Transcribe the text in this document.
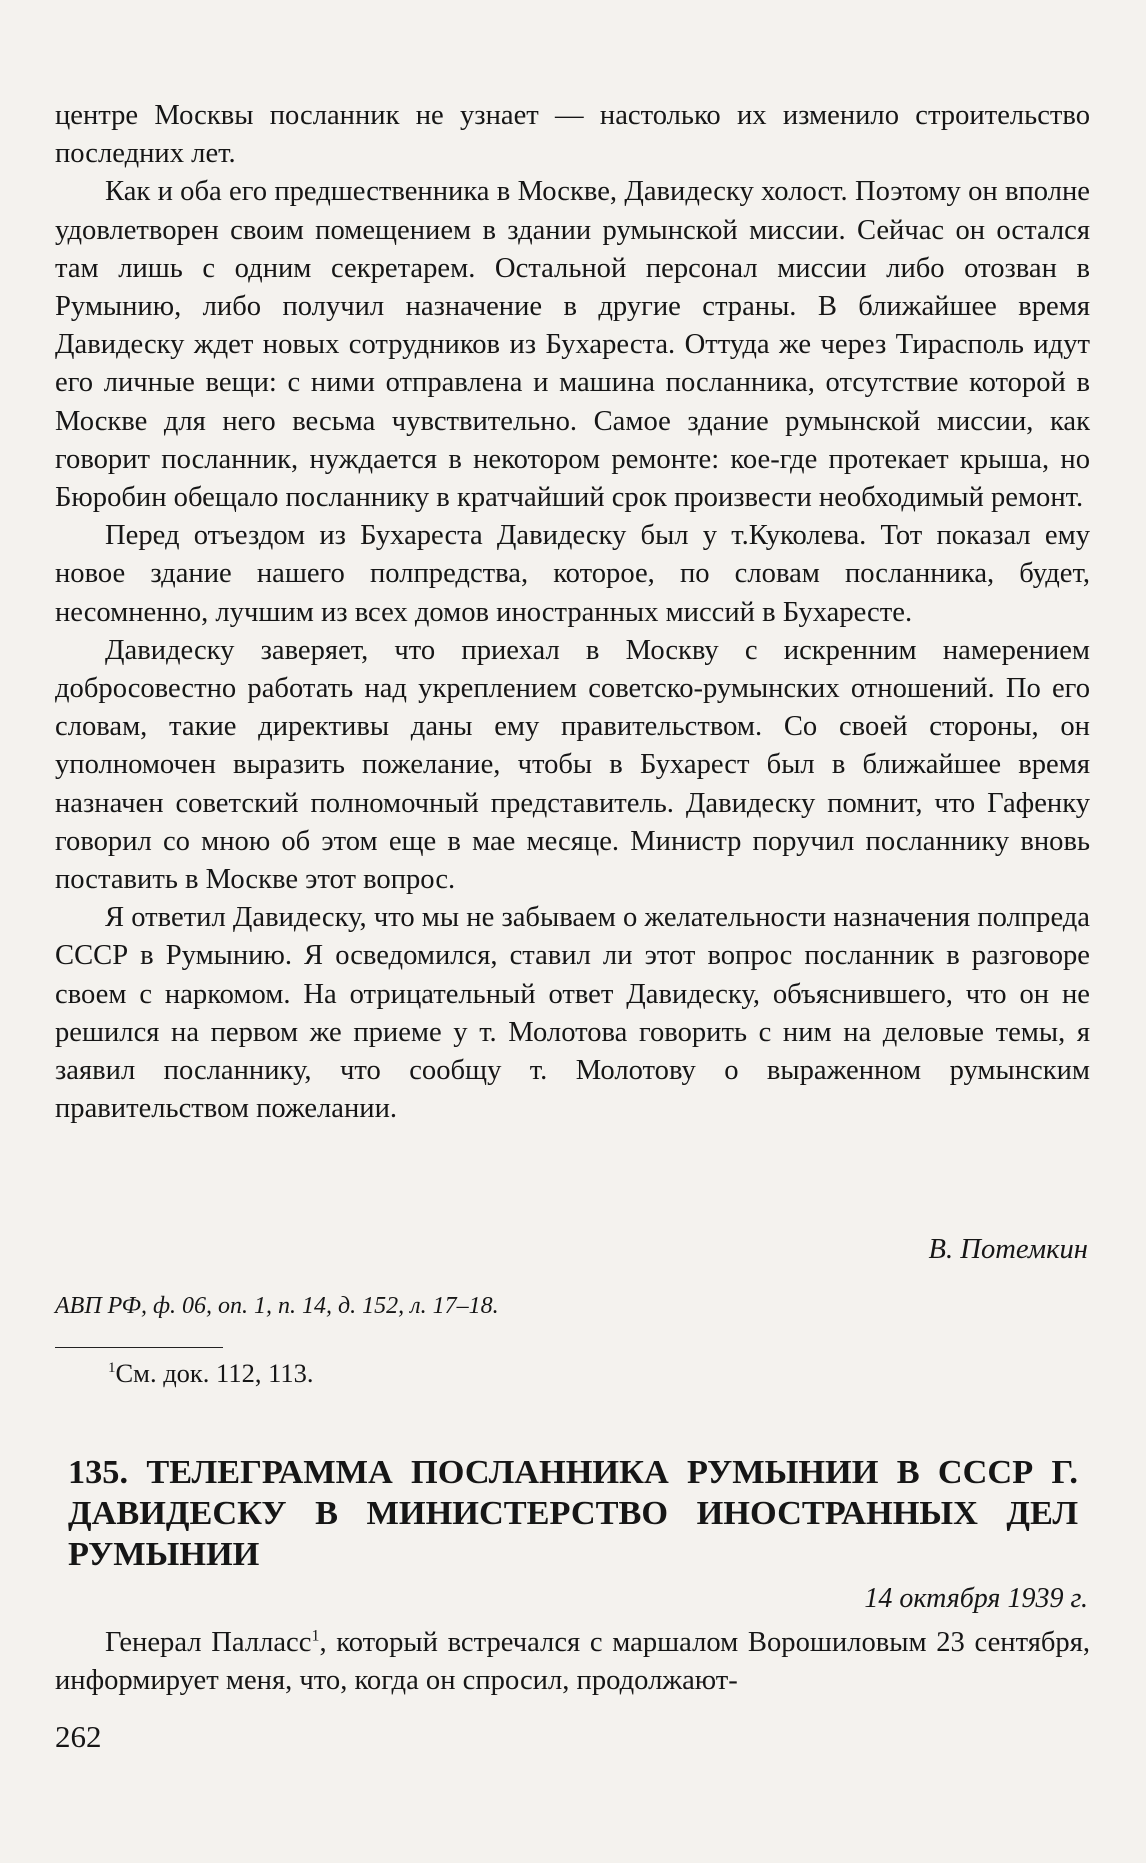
центре Москвы посланник не узнает — настолько их изменило строительство последних лет.

Как и оба его предшественника в Москве, Давидеску холост. Поэтому он вполне удовлетворен своим помещением в здании румынской миссии. Сейчас он остался там лишь с одним секретарем. Остальной персонал миссии либо отозван в Румынию, либо получил назначение в другие страны. В ближайшее время Давидеску ждет новых сотрудников из Бухареста. Оттуда же через Тирасполь идут его личные вещи: с ними отправлена и машина посланника, отсутствие которой в Москве для него весьма чувствительно. Самое здание румынской миссии, как говорит посланник, нуждается в некотором ремонте: кое-где протекает крыша, но Бюробин обещало посланнику в кратчайший срок произвести необходимый ремонт.

Перед отъездом из Бухареста Давидеску был у т.Куколева. Тот показал ему новое здание нашего полпредства, которое, по словам посланника, будет, несомненно, лучшим из всех домов иностранных миссий в Бухаресте.

Давидеску заверяет, что приехал в Москву с искренним намерением добросовестно работать над укреплением советско-румынских отношений. По его словам, такие директивы даны ему правительством. Со своей стороны, он уполномочен выразить пожелание, чтобы в Бухарест был в ближайшее время назначен советский полномочный представитель. Давидеску помнит, что Гафенку говорил со мною об этом еще в мае месяце. Министр поручил посланнику вновь поставить в Москве этот вопрос.

Я ответил Давидеску, что мы не забываем о желательности назначения полпреда СССР в Румынию. Я осведомился, ставил ли этот вопрос посланник в разговоре своем с наркомом. На отрицательный ответ Давидеску, объяснившего, что он не решился на первом же приеме у т. Молотова говорить с ним на деловые темы, я заявил посланнику, что сообщу т. Молотову о выраженном румынским правительством пожелании.

В. Потемкин

АВП РФ, ф. 06, оп. 1, п. 14, д. 152, л. 17–18.

$^1$См. док. 112, 113.

135. ТЕЛЕГРАММА ПОСЛАННИКА РУМЫНИИ В СССР Г. ДАВИДЕСКУ В МИНИСТЕРСТВО ИНОСТРАННЫХ ДЕЛ РУМЫНИИ

14 октября 1939 г.

Генерал Палласс$^1$, который встречался с маршалом Ворошиловым 23 сентября, информирует меня, что, когда он спросил, продолжают-

262
